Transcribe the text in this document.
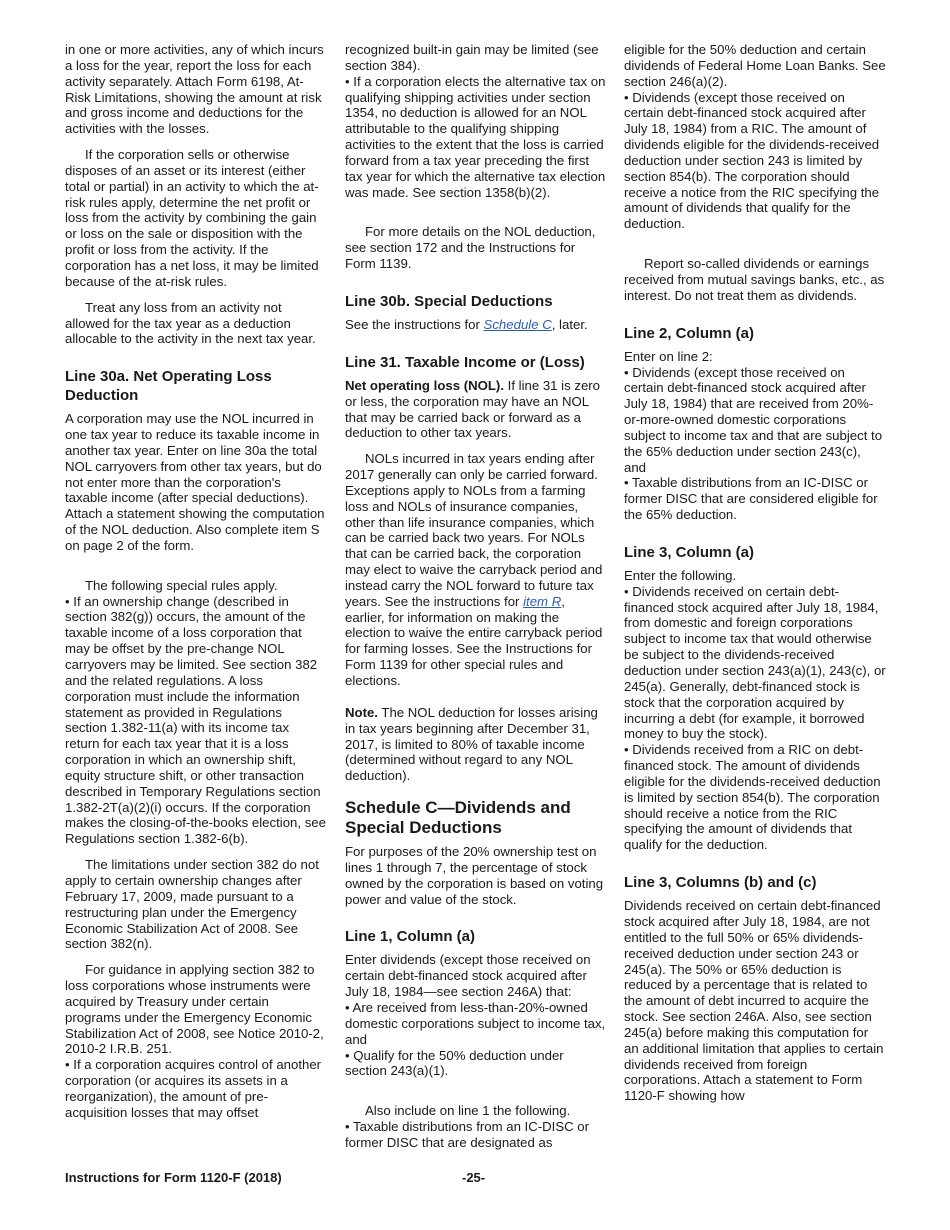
in one or more activities, any of which incurs a loss for the year, report the loss for each activity separately. Attach Form 6198, At-Risk Limitations, showing the amount at risk and gross income and deductions for the activities with the losses.

If the corporation sells or otherwise disposes of an asset or its interest (either total or partial) in an activity to which the at-risk rules apply, determine the net profit or loss from the activity by combining the gain or loss on the sale or disposition with the profit or loss from the activity. If the corporation has a net loss, it may be limited because of the at-risk rules.

Treat any loss from an activity not allowed for the tax year as a deduction allocable to the activity in the next tax year.

Line 30a. Net Operating Loss Deduction

A corporation may use the NOL incurred in one tax year to reduce its taxable income in another tax year. Enter on line 30a the total NOL carryovers from other tax years, but do not enter more than the corporation's taxable income (after special deductions). Attach a statement showing the computation of the NOL deduction. Also complete item S on page 2 of the form.

The following special rules apply.

• If an ownership change (described in section 382(g)) occurs, the amount of the taxable income of a loss corporation that may be offset by the pre-change NOL carryovers may be limited. See section 382 and the related regulations. A loss corporation must include the information statement as provided in Regulations section 1.382-11(a) with its income tax return for each tax year that it is a loss corporation in which an ownership shift, equity structure shift, or other transaction described in Temporary Regulations section 1.382-2T(a)(2)(i) occurs. If the corporation makes the closing-of-the-books election, see Regulations section 1.382-6(b).

The limitations under section 382 do not apply to certain ownership changes after February 17, 2009, made pursuant to a restructuring plan under the Emergency Economic Stabilization Act of 2008. See section 382(n).

For guidance in applying section 382 to loss corporations whose instruments were acquired by Treasury under certain programs under the Emergency Economic Stabilization Act of 2008, see Notice 2010-2, 2010-2 I.R.B. 251.

• If a corporation acquires control of another corporation (or acquires its assets in a reorganization), the amount of pre-acquisition losses that may offset

recognized built-in gain may be limited (see section 384).

• If a corporation elects the alternative tax on qualifying shipping activities under section 1354, no deduction is allowed for an NOL attributable to the qualifying shipping activities to the extent that the loss is carried forward from a tax year preceding the first tax year for which the alternative tax election was made. See section 1358(b)(2).

For more details on the NOL deduction, see section 172 and the Instructions for Form 1139.

Line 30b. Special Deductions

See the instructions for Schedule C, later.

Line 31. Taxable Income or (Loss)

Net operating loss (NOL). If line 31 is zero or less, the corporation may have an NOL that may be carried back or forward as a deduction to other tax years.

NOLs incurred in tax years ending after 2017 generally can only be carried forward. Exceptions apply to NOLs from a farming loss and NOLs of insurance companies, other than life insurance companies, which can be carried back two years. For NOLs that can be carried back, the corporation may elect to waive the carryback period and instead carry the NOL forward to future tax years. See the instructions for item R, earlier, for information on making the election to waive the entire carryback period for farming losses. See the Instructions for Form 1139 for other special rules and elections.

Note. The NOL deduction for losses arising in tax years beginning after December 31, 2017, is limited to 80% of taxable income (determined without regard to any NOL deduction).

Schedule C—Dividends and Special Deductions

For purposes of the 20% ownership test on lines 1 through 7, the percentage of stock owned by the corporation is based on voting power and value of the stock.

Line 1, Column (a)

Enter dividends (except those received on certain debt-financed stock acquired after July 18, 1984—see section 246A) that:

• Are received from less-than-20%-owned domestic corporations subject to income tax, and

• Qualify for the 50% deduction under section 243(a)(1).

Also include on line 1 the following.

• Taxable distributions from an IC-DISC or former DISC that are designated as

eligible for the 50% deduction and certain dividends of Federal Home Loan Banks. See section 246(a)(2).

• Dividends (except those received on certain debt-financed stock acquired after July 18, 1984) from a RIC. The amount of dividends eligible for the dividends-received deduction under section 243 is limited by section 854(b). The corporation should receive a notice from the RIC specifying the amount of dividends that qualify for the deduction.

Report so-called dividends or earnings received from mutual savings banks, etc., as interest. Do not treat them as dividends.

Line 2, Column (a)

Enter on line 2:

• Dividends (except those received on certain debt-financed stock acquired after July 18, 1984) that are received from 20%-or-more-owned domestic corporations subject to income tax and that are subject to the 65% deduction under section 243(c), and

• Taxable distributions from an IC-DISC or former DISC that are considered eligible for the 65% deduction.

Line 3, Column (a)

Enter the following.

• Dividends received on certain debt-financed stock acquired after July 18, 1984, from domestic and foreign corporations subject to income tax that would otherwise be subject to the dividends-received deduction under section 243(a)(1), 243(c), or 245(a). Generally, debt-financed stock is stock that the corporation acquired by incurring a debt (for example, it borrowed money to buy the stock).

• Dividends received from a RIC on debt-financed stock. The amount of dividends eligible for the dividends-received deduction is limited by section 854(b). The corporation should receive a notice from the RIC specifying the amount of dividends that qualify for the deduction.

Line 3, Columns (b) and (c)

Dividends received on certain debt-financed stock acquired after July 18, 1984, are not entitled to the full 50% or 65% dividends-received deduction under section 243 or 245(a). The 50% or 65% deduction is reduced by a percentage that is related to the amount of debt incurred to acquire the stock. See section 246A. Also, see section 245(a) before making this computation for an additional limitation that applies to certain dividends received from foreign corporations. Attach a statement to Form 1120-F showing how

Instructions for Form 1120-F (2018)	-25-
